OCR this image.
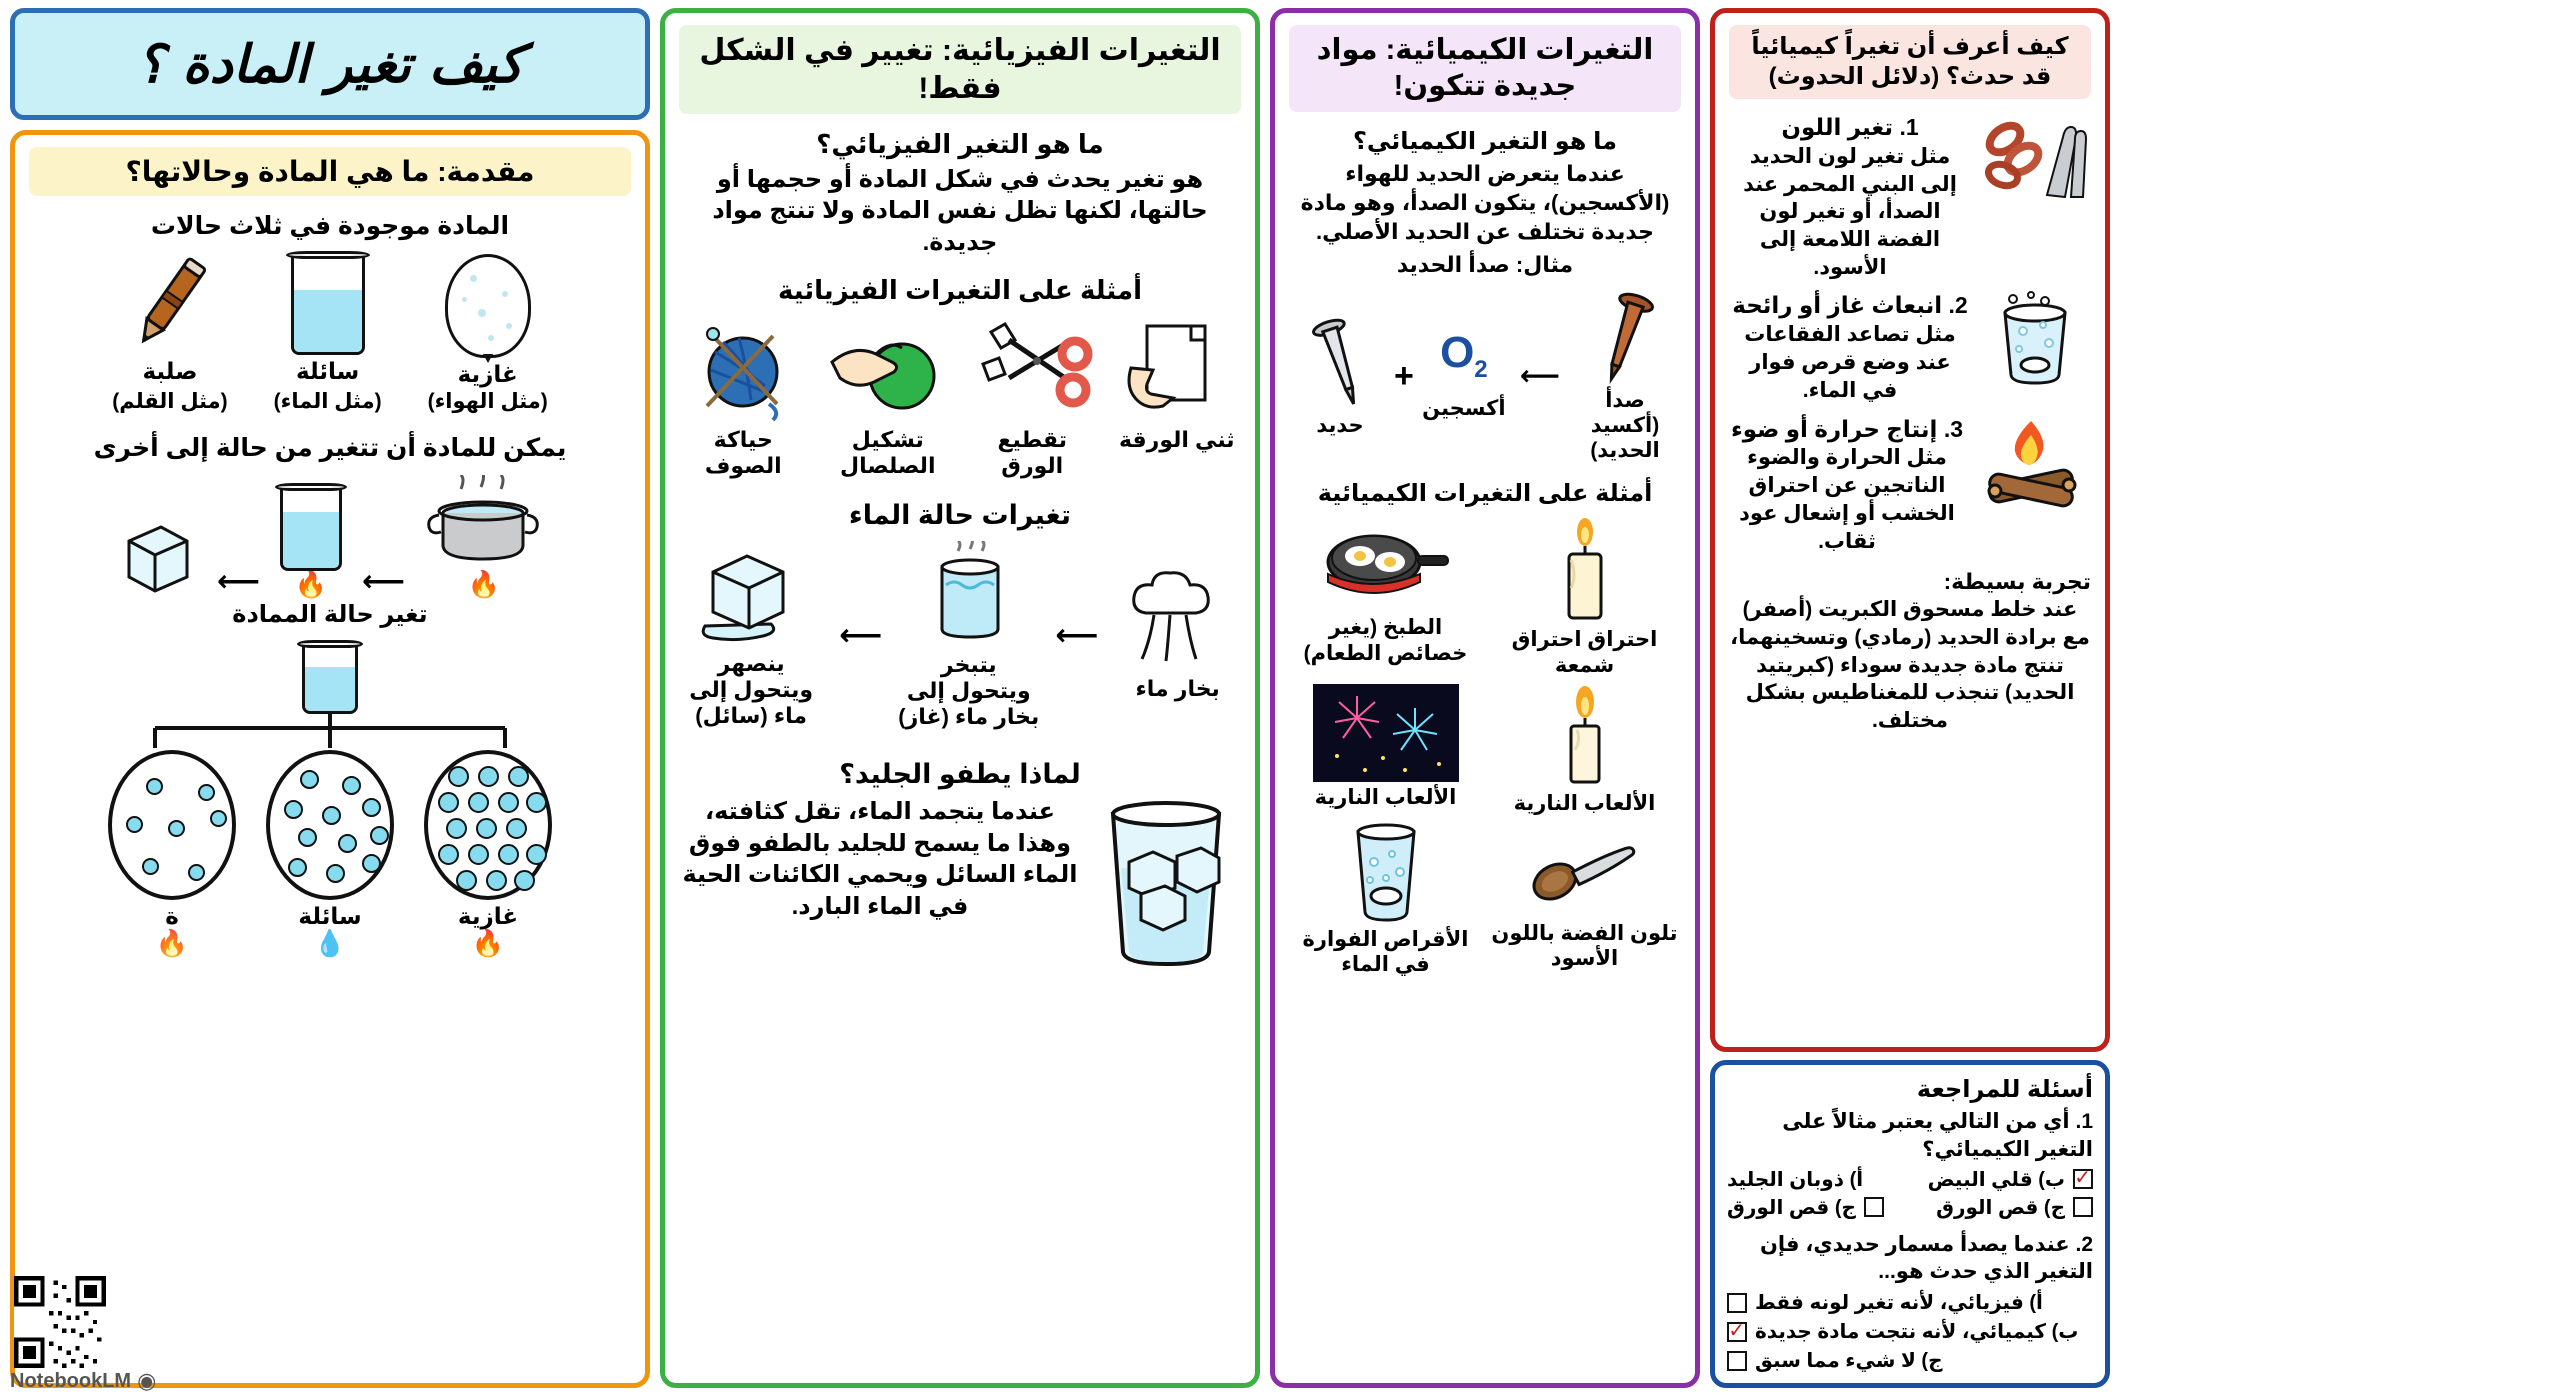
كيف تغير المادة ؟
مقدمة: ما هي المادة وحالاتها؟
المادة موجودة في ثلاث حالات
غازية
(مثل الهواء)
سائلة
(مثل الماء)
صلبة
(مثل القلم)
يمكن للمادة أن تتغير من حالة إلى أخرى
🔥
⟵
🔥
⟵
تغير حالة الممادة
غازية
🔥
سائلة
💧
ة
🔥
التغيرات الفيزيائية: تغيير في الشكل فقط!
ما هو التغير الفيزيائي؟
هو تغير يحدث في شكل المادة أو حجمها أو حالتها، لكنها تظل نفس المادة ولا تنتج مواد جديدة.
أمثلة على التغيرات الفيزيائية
ثني الورقة
تقطيع الورق
تشكيل الصلصال
حياكة الصوف
تغيرات حالة الماء
بخار ماء
⟵
يتبخر ويتحول إلى بخار ماء (غاز)
⟵
ينصهر ويتحول إلى ماء (سائل)
لماذا يطفو الجليد؟
عندما يتجمد الماء، تقل كثافته، وهذا ما يسمح للجليد بالطفو فوق الماء السائل ويحمي الكائنات الحية في الماء البارد.
التغيرات الكيميائية: مواد جديدة تتكون!
ما هو التغير الكيميائي؟
عندما يتعرض الحديد للهواء (الأكسجين)، يتكون الصدأ، وهو مادة جديدة تختلف عن الحديد الأصلي.
مثال: صدأ الحديد
صدأ (أكسيد الحديد)
⟵
$O_2$
أكسجين
+
حديد
أمثلة على التغيرات الكيميائية
احتراق احتراق شمعة
الطبخ (يغير خصائص الطعام)
الألعاب النارية
الألعاب النارية
تلون الفضة باللون الأسود
الأقراص الفوارة في الماء
كيف أعرف أن تغيراً كيميائياً قد حدث؟ (دلائل الحدوث)
1. تغير اللون
مثل تغير لون الحديد إلى البني المحمر عند الصدأ، أو تغير لون الفضة اللامعة إلى الأسود.
2. انبعاث غاز أو رائحة
مثل تصاعد الفقاعات عند وضع قرص فوار في الماء.
3. إنتاج حرارة أو ضوء
مثل الحرارة والضوء الناتجين عن احتراق الخشب أو إشعال عود ثقاب.
تجربة بسيطة:
عند خلط مسحوق الكبريت (أصفر) مع برادة الحديد (رمادي) وتسخينهما، تنتج مادة جديدة سوداء (كبريتيد الحديد) تنجذب للمغناطيس بشكل مختلف.
أسئلة للمراجعة
1. أي من التالي يعتبر مثالاً على التغير الكيميائي؟
✓
ب) قلي البيض
أ) ذوبان الجليد
ج) قص الورق
ج) قص الورق
2. عندما يصدأ مسمار حديدي، فإن التغير الذي حدث هو...
أ) فيزيائي، لأنه تغير لونه فقط
ب) كيميائي، لأنه نتجت مادة جديدة
✓
ج) لا شيء مما سبق
◉
NotebookLM
